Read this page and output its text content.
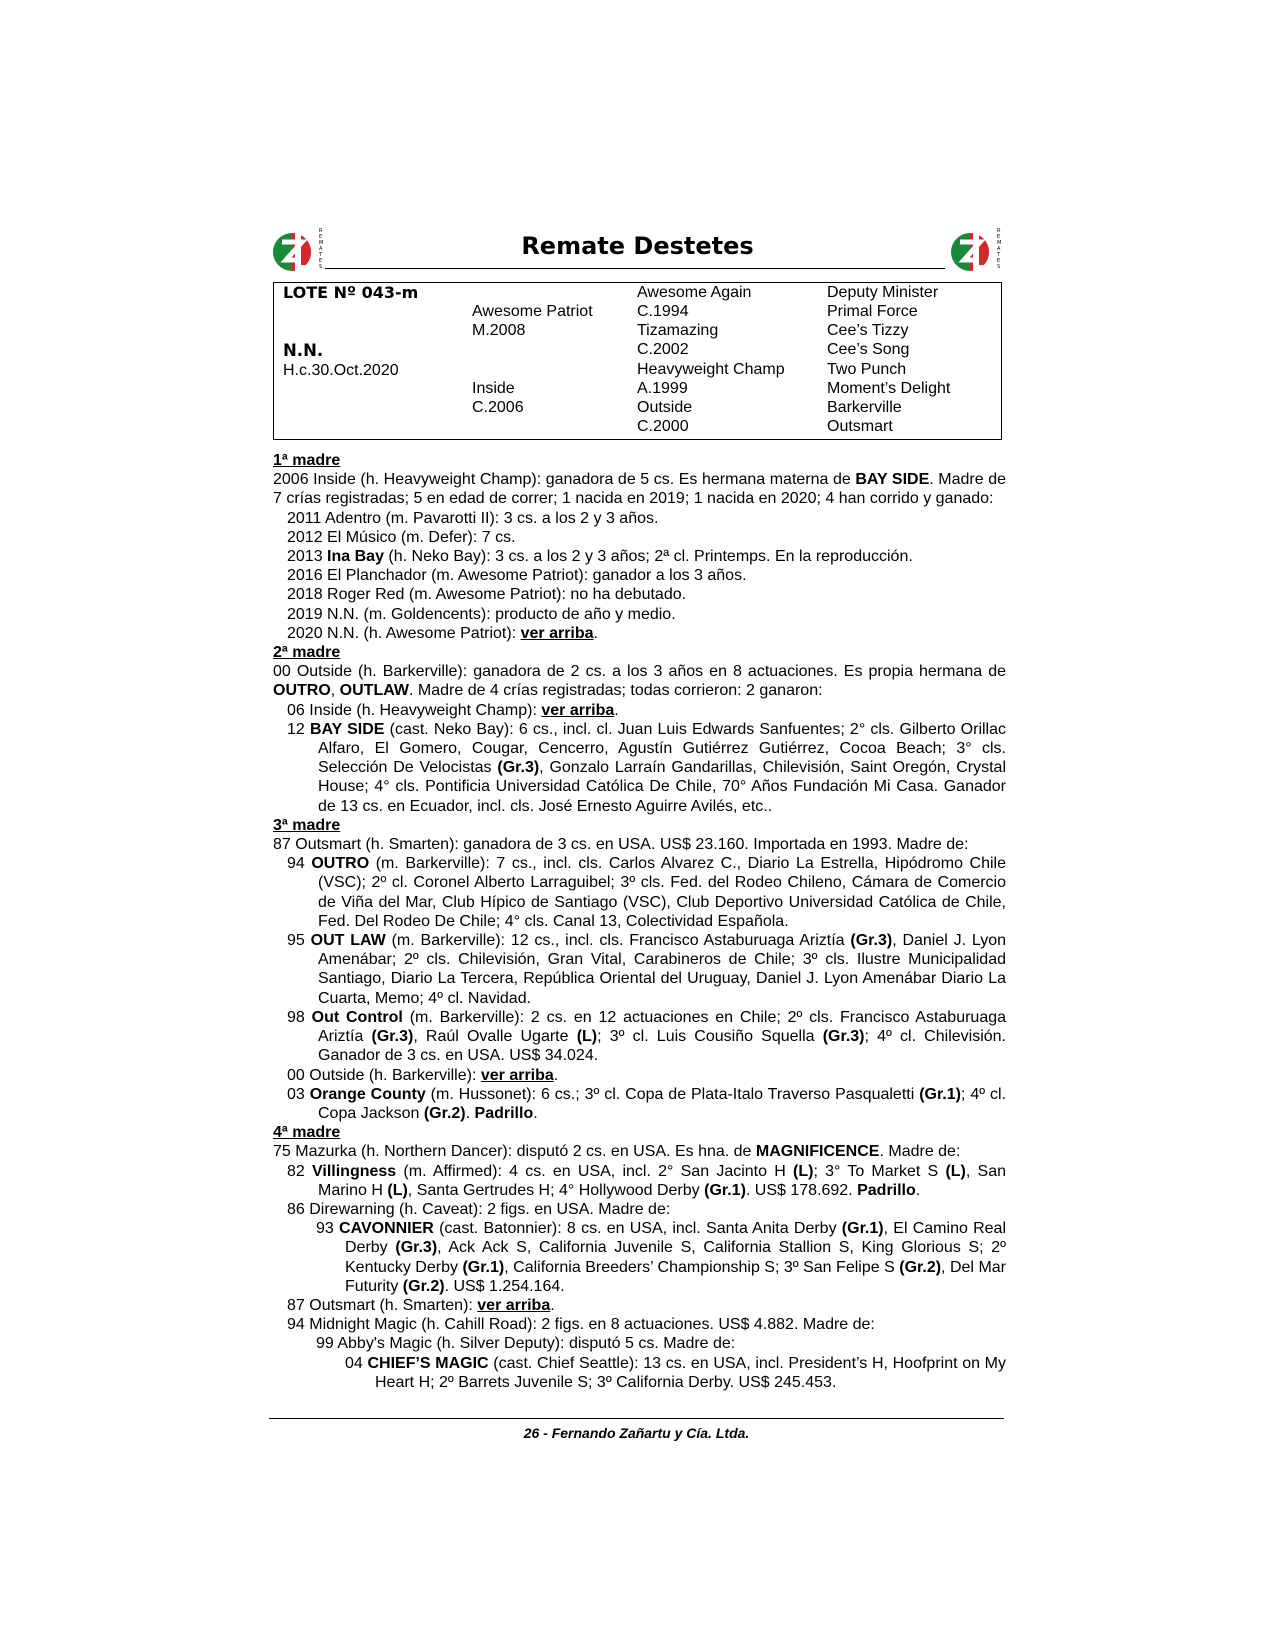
R E M A T E S
Remate Destetes
R E M A T E S
LOTE Nº 043-m
N.N.
H.c.30.Oct.2020
Awesome Patriot
M.2008
Inside
C.2006
Awesome Again
C.1994
Tizamazing
C.2002
Heavyweight Champ
A.1999
Outside
C.2000
Deputy Minister
Primal Force
Cee’s Tizzy
Cee’s Song
Two Punch
Moment’s Delight
Barkerville
Outsmart

1ª madre

2006 Inside (h. Heavyweight Champ): ganadora de 5 cs. Es hermana materna de BAY SIDE. Madre de 7 crías registradas; 5 en edad de correr; 1 nacida en 2019; 1 nacida en 2020; 4 han corrido y ganado:

2011 Adentro (m. Pavarotti II): 3 cs. a los 2 y 3 años.

2012 El Músico (m. Defer): 7 cs.

2013 Ina Bay (h. Neko Bay): 3 cs. a los 2 y 3 años; 2ª cl. Printemps. En la reproducción.

2016 El Planchador (m. Awesome Patriot): ganador a los 3 años.

2018 Roger Red (m. Awesome Patriot): no ha debutado.

2019 N.N. (m. Goldencents): producto de año y medio.

2020 N.N. (h. Awesome Patriot): ver arriba.

2ª madre

00 Outside (h. Barkerville): ganadora de 2 cs. a los 3 años en 8 actuaciones. Es propia hermana de OUTRO, OUTLAW. Madre de 4 crías registradas; todas corrieron: 2 ganaron:

06 Inside (h. Heavyweight Champ): ver arriba.

12 BAY SIDE (cast. Neko Bay): 6 cs., incl. cl. Juan Luis Edwards Sanfuentes; 2° cls. Gilberto Orillac Alfaro, El Gomero, Cougar, Cencerro, Agustín Gutiérrez Gutiérrez, Cocoa Beach; 3° cls. Selección De Velocistas (Gr.3), Gonzalo Larraín Gandarillas, Chilevisión, Saint Oregón, Crystal House; 4° cls. Pontificia Universidad Católica De Chile, 70° Años Fundación Mi Casa. Ganador de 13 cs. en Ecuador, incl. cls. José Ernesto Aguirre Avilés, etc..

3ª madre

87 Outsmart (h. Smarten): ganadora de 3 cs. en USA. US$ 23.160. Importada en 1993. Madre de:

94 OUTRO (m. Barkerville): 7 cs., incl. cls. Carlos Alvarez C., Diario La Estrella, Hipódromo Chile (VSC); 2º cl. Coronel Alberto Larraguibel; 3º cls. Fed. del Rodeo Chileno, Cámara de Comercio de Viña del Mar, Club Hípico de Santiago (VSC), Club Deportivo Universidad Católica de Chile, Fed. Del Rodeo De Chile; 4° cls. Canal 13, Colectividad Española.

95 OUT LAW (m. Barkerville): 12 cs., incl. cls. Francisco Astaburuaga Ariztía (Gr.3), Daniel J. Lyon Amenábar; 2º cls. Chilevisión, Gran Vital, Carabineros de Chile; 3º cls. Ilustre Municipalidad Santiago, Diario La Tercera, República Oriental del Uruguay, Daniel J. Lyon Amenábar Diario La Cuarta, Memo; 4º cl. Navidad.

98 Out Control (m. Barkerville): 2 cs. en 12 actuaciones en Chile; 2º cls. Francisco Astaburuaga Ariztía (Gr.3), Raúl Ovalle Ugarte (L); 3º cl. Luis Cousiño Squella (Gr.3); 4º cl. Chilevisión. Ganador de 3 cs. en USA. US$ 34.024.

00 Outside (h. Barkerville): ver arriba.

03 Orange County (m. Hussonet): 6 cs.; 3º cl. Copa de Plata-Italo Traverso Pasqualetti (Gr.1); 4º cl. Copa Jackson (Gr.2). Padrillo.

4ª madre

75 Mazurka (h. Northern Dancer): disputó 2 cs. en USA. Es hna. de MAGNIFICENCE. Madre de:

82 Villingness (m. Affirmed): 4 cs. en USA, incl. 2° San Jacinto H (L); 3° To Market S (L), San Marino H (L), Santa Gertrudes H; 4° Hollywood Derby (Gr.1). US$ 178.692. Padrillo.

86 Direwarning (h. Caveat): 2 figs. en USA. Madre de:

93 CAVONNIER (cast. Batonnier): 8 cs. en USA, incl. Santa Anita Derby (Gr.1), El Camino Real Derby (Gr.3), Ack Ack S, California Juvenile S, California Stallion S, King Glorious S; 2º Kentucky Derby (Gr.1), California Breeders’ Championship S; 3º San Felipe S (Gr.2), Del Mar Futurity (Gr.2). US$ 1.254.164.

87 Outsmart (h. Smarten): ver arriba.

94 Midnight Magic (h. Cahill Road): 2 figs. en 8 actuaciones. US$ 4.882. Madre de:

99 Abby's Magic (h. Silver Deputy): disputó 5 cs. Madre de:

04 CHIEF’S MAGIC (cast. Chief Seattle): 13 cs. en USA, incl. President’s H, Hoofprint on My Heart H; 2º Barrets Juvenile S; 3º California Derby. US$ 245.453.

26 - Fernando Zañartu y Cía. Ltda.
